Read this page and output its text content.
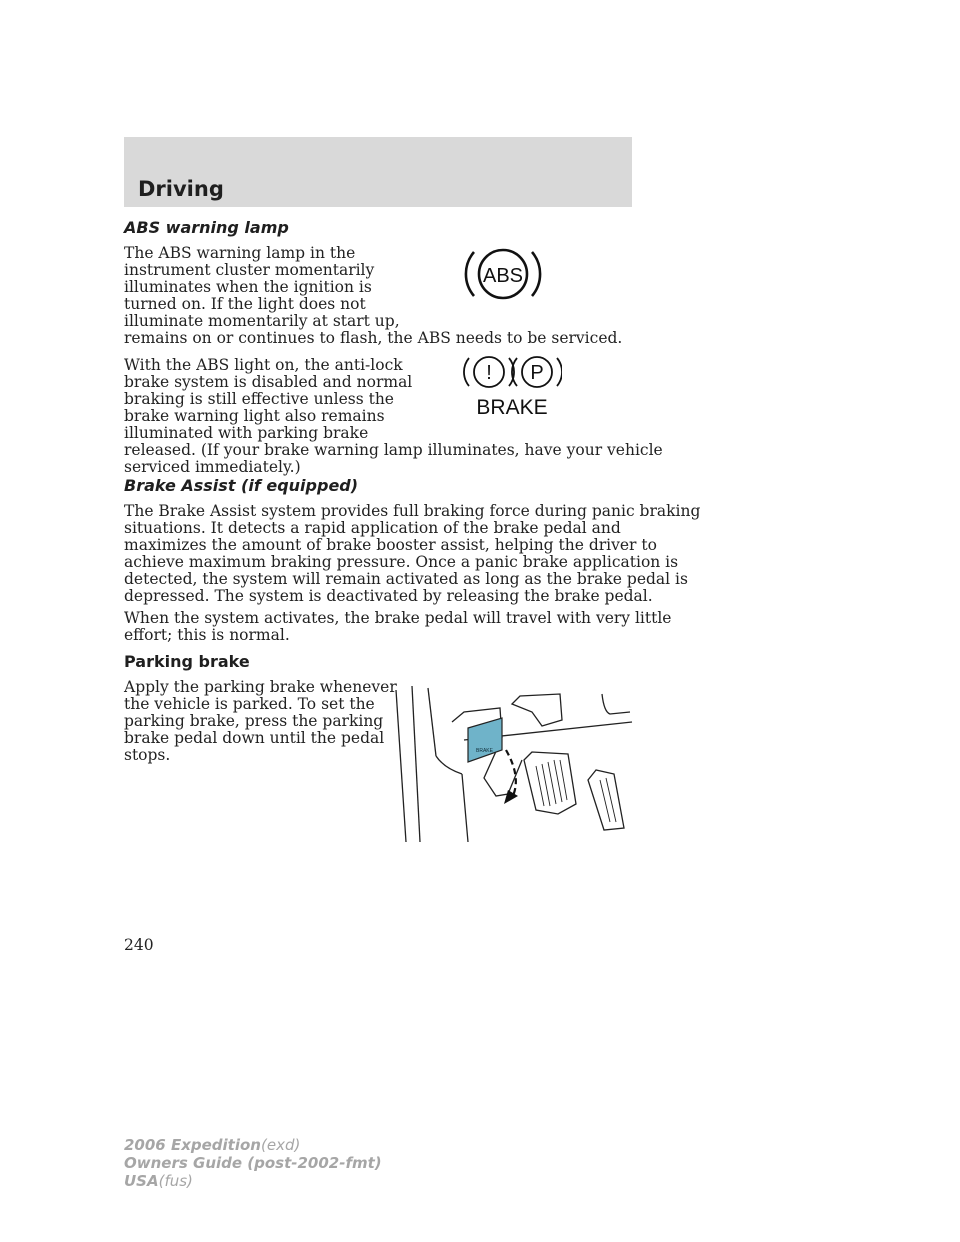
Driving
ABS warning lamp
The ABS warning lamp in the
instrument cluster momentarily
illuminates when the ignition is
turned on. If the light does not
illuminate momentarily at start up,
remains on or continues to flash, the ABS needs to be serviced.
ABS
With the ABS light on, the anti-lock
brake system is disabled and normal
braking is still effective unless the
brake warning light also remains
illuminated with parking brake
released. (If your brake warning lamp illuminates, have your vehicle
serviced immediately.)
! P
BRAKE
Brake Assist (if equipped)
The Brake Assist system provides full braking force during panic braking
situations. It detects a rapid application of the brake pedal and
maximizes the amount of brake booster assist, helping the driver to
achieve maximum braking pressure. Once a panic brake application is
detected, the system will remain activated as long as the brake pedal is
depressed. The system is deactivated by releasing the brake pedal.
When the system activates, the brake pedal will travel with very little
effort; this is normal.
Parking brake
Apply the parking brake whenever
the vehicle is parked. To set the
parking brake, press the parking
brake pedal down until the pedal
stops.	BRAKE
240
2006 Expedition(exd)
Owners Guide (post-2002-fmt)
USA(fus)
